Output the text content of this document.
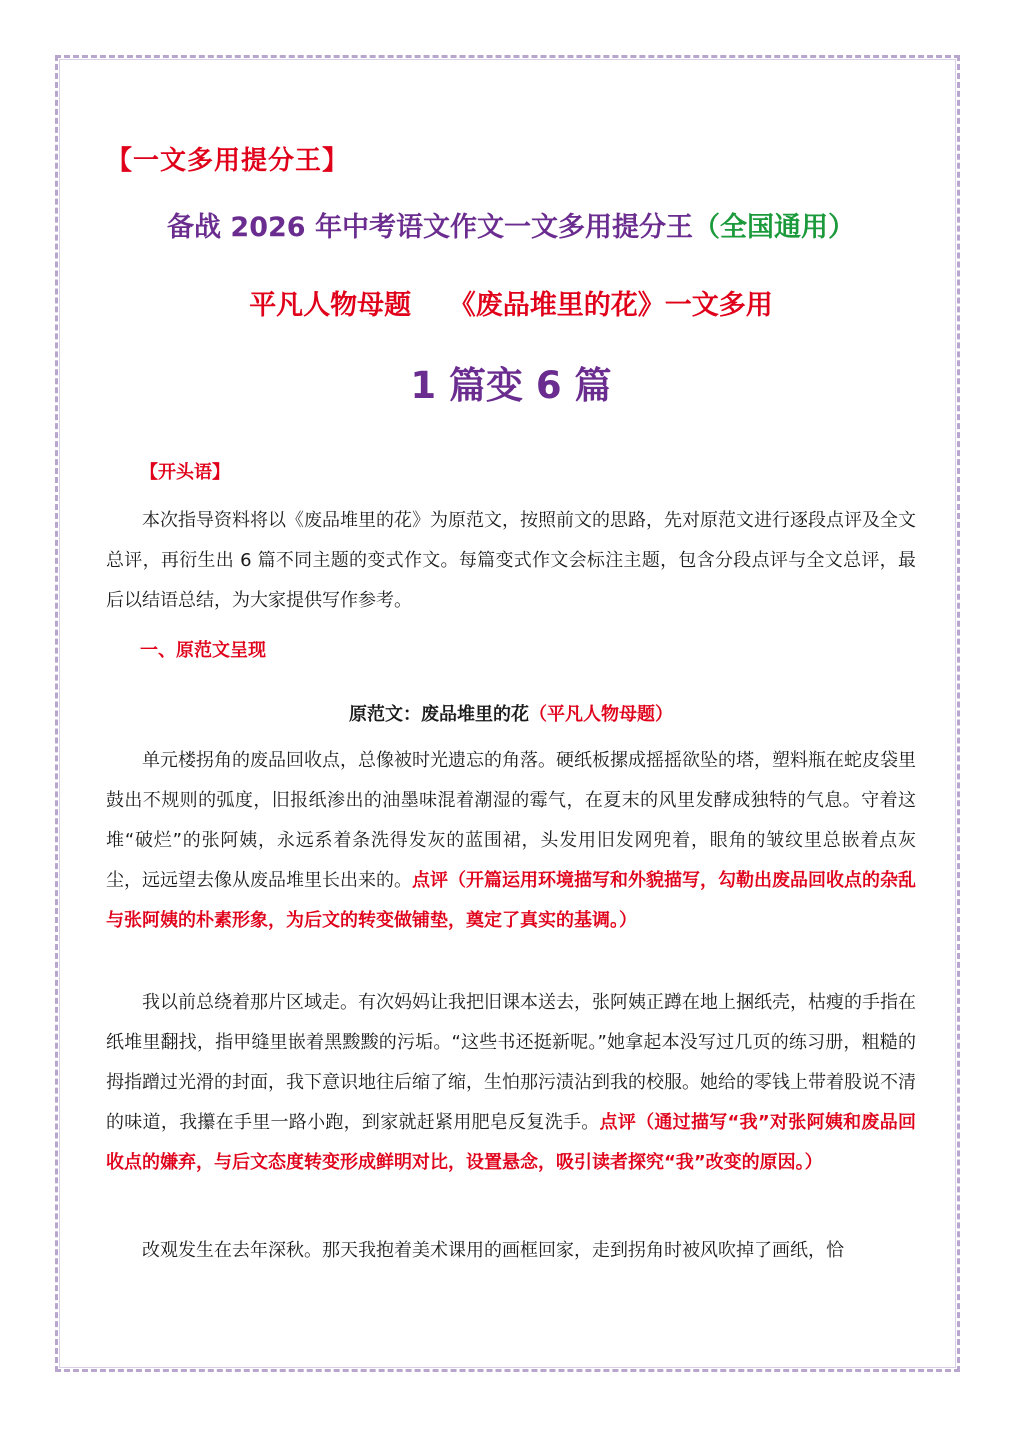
【一文多用提分王】
备战 2026 年中考语文作文一文多用提分王（全国通用）
平凡人物母题    《废品堆里的花》一文多用
1 篇变 6 篇
【开头语】
本次指导资料将以《废品堆里的花》为原范文，按照前文的思路，先对原范文进行逐段点评及全文总评，再衍生出 6 篇不同主题的变式作文。每篇变式作文会标注主题，包含分段点评与全文总评，最后以结语总结，为大家提供写作参考。
一、原范文呈现
原范文：废品堆里的花（平凡人物母题）
单元楼拐角的废品回收点，总像被时光遗忘的角落。硬纸板摞成摇摇欲坠的塔，塑料瓶在蛇皮袋里鼓出不规则的弧度，旧报纸渗出的油墨味混着潮湿的霉气，在夏末的风里发酵成独特的气息。守着这堆“破烂”的张阿姨，永远系着条洗得发灰的蓝围裙，头发用旧发网兜着，眼角的皱纹里总嵌着点灰尘，远远望去像从废品堆里长出来的。点评（开篇运用环境描写和外貌描写，勾勒出废品回收点的杂乱与张阿姨的朴素形象，为后文的转变做铺垫，奠定了真实的基调。）
我以前总绕着那片区域走。有次妈妈让我把旧课本送去，张阿姨正蹲在地上捆纸壳，枯瘦的手指在纸堆里翻找，指甲缝里嵌着黑黢黢的污垢。“这些书还挺新呢。”她拿起本没写过几页的练习册，粗糙的拇指蹭过光滑的封面，我下意识地往后缩了缩，生怕那污渍沾到我的校服。她给的零钱上带着股说不清的味道，我攥在手里一路小跑，到家就赶紧用肥皂反复洗手。点评（通过描写“我”对张阿姨和废品回收点的嫌弃，与后文态度转变形成鲜明对比，设置悬念，吸引读者探究“我”改变的原因。）
改观发生在去年深秋。那天我抱着美术课用的画框回家，走到拐角时被风吹掉了画纸，恰
